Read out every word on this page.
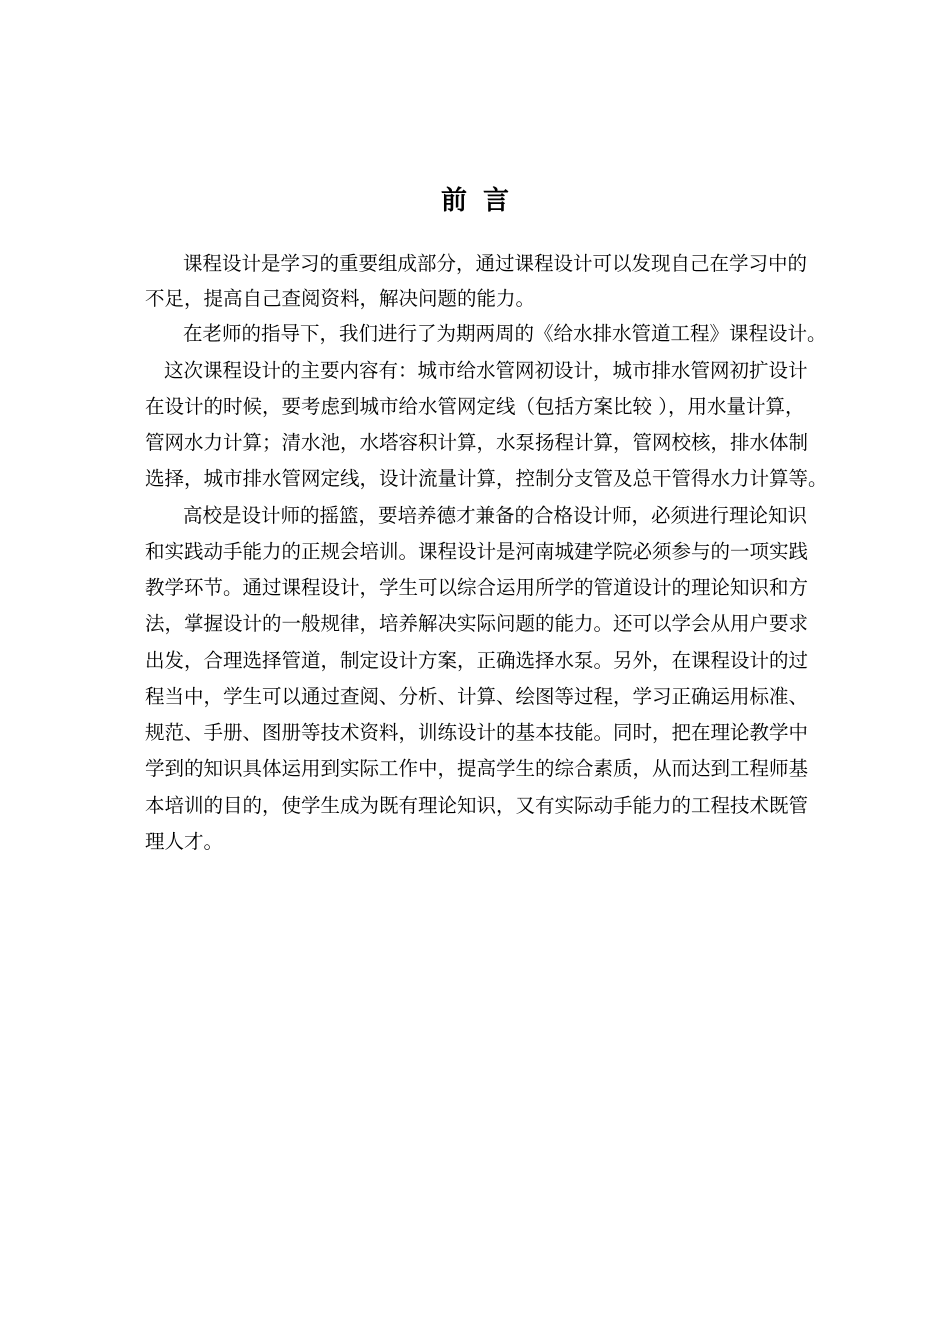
前言
课程设计是学习的重要组成部分，通过课程设计可以发现自己在学习中的
不足，提高自己查阅资料，解决问题的能力。
在老师的指导下，我们进行了为期两周的《给水排水管道工程》课程设计。
这次课程设计的主要内容有：城市给水管网初设计，城市排水管网初扩设计
在设计的时候，要考虑到城市给水管网定线（包括方案比较 ），用水量计算，
管网水力计算；清水池，水塔容积计算，水泵扬程计算，管网校核，排水体制
选择，城市排水管网定线，设计流量计算，控制分支管及总干管得水力计算等。
高校是设计师的摇篮，要培养德才兼备的合格设计师，必须进行理论知识
和实践动手能力的正规会培训。课程设计是河南城建学院必须参与的一项实践
教学环节。通过课程设计，学生可以综合运用所学的管道设计的理论知识和方
法，掌握设计的一般规律，培养解决实际问题的能力。还可以学会从用户要求
出发，合理选择管道，制定设计方案，正确选择水泵。另外，在课程设计的过
程当中，学生可以通过查阅、分析、计算、绘图等过程，学习正确运用标准、
规范、手册、图册等技术资料，训练设计的基本技能。同时，把在理论教学中
学到的知识具体运用到实际工作中，提高学生的综合素质，从而达到工程师基
本培训的目的，使学生成为既有理论知识，又有实际动手能力的工程技术既管
理人才。
